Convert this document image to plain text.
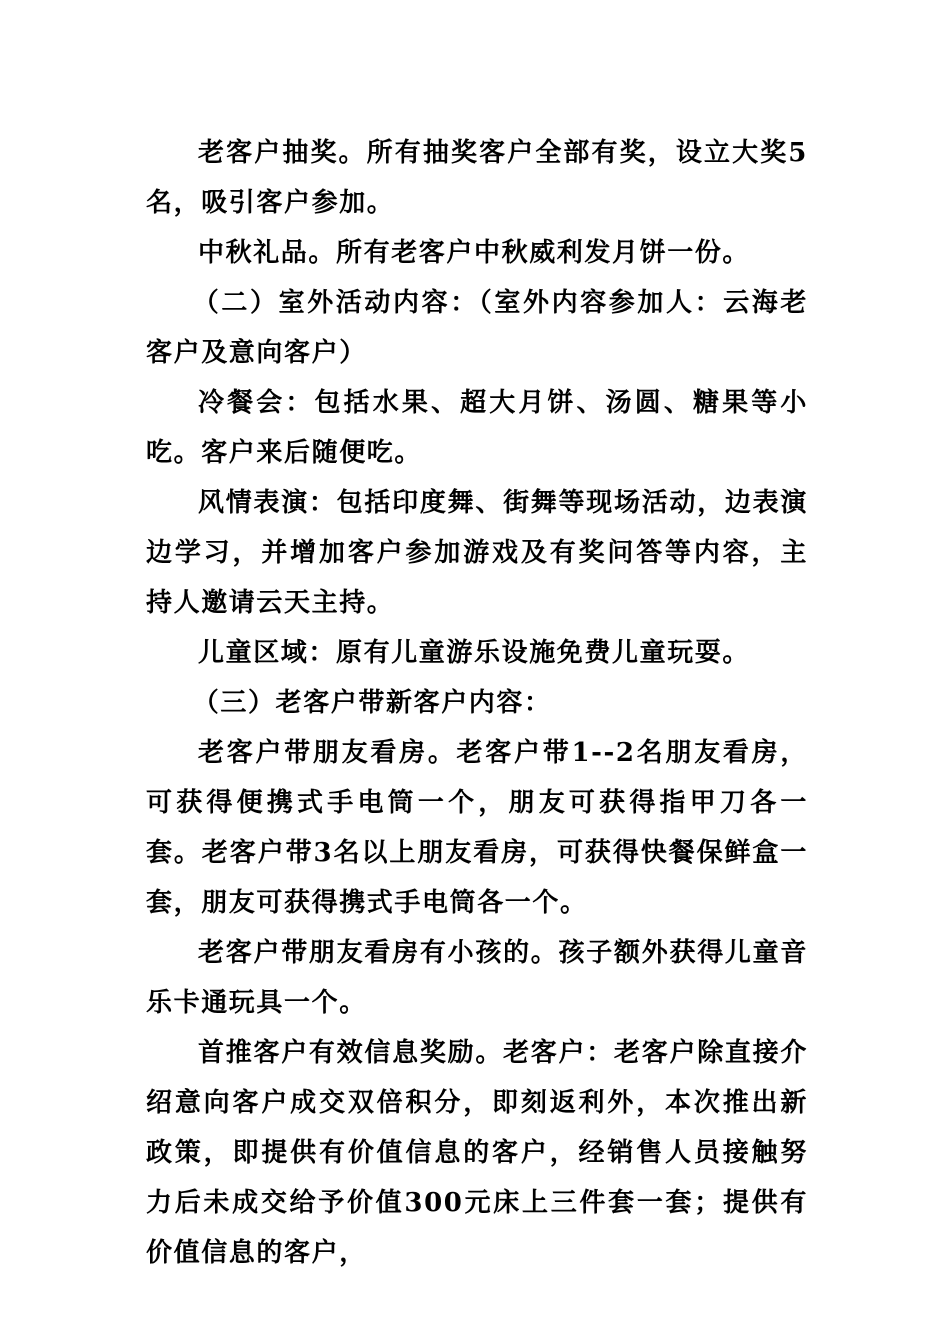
老客户抽奖。所有抽奖客户全部有奖，设立大奖5名，吸引客户参加。

中秋礼品。所有老客户中秋威利发月饼一份。

（二）室外活动内容：（室外内容参加人：云海老客户及意向客户）

冷餐会：包括水果、超大月饼、汤圆、糖果等小吃。客户来后随便吃。

风情表演：包括印度舞、街舞等现场活动，边表演边学习，并增加客户参加游戏及有奖问答等内容，主持人邀请云天主持。

儿童区域：原有儿童游乐设施免费儿童玩耍。

（三）老客户带新客户内容：

老客户带朋友看房。老客户带1--2名朋友看房，可获得便携式手电筒一个，朋友可获得指甲刀各一套。老客户带3名以上朋友看房，可获得快餐保鲜盒一套，朋友可获得携式手电筒各一个。

老客户带朋友看房有小孩的。孩子额外获得儿童音乐卡通玩具一个。

首推客户有效信息奖励。老客户：老客户除直接介绍意向客户成交双倍积分，即刻返利外，本次推出新政策，即提供有价值信息的客户，经销售人员接触努力后未成交给予价值300元床上三件套一套；提供有价值信息的客户，
